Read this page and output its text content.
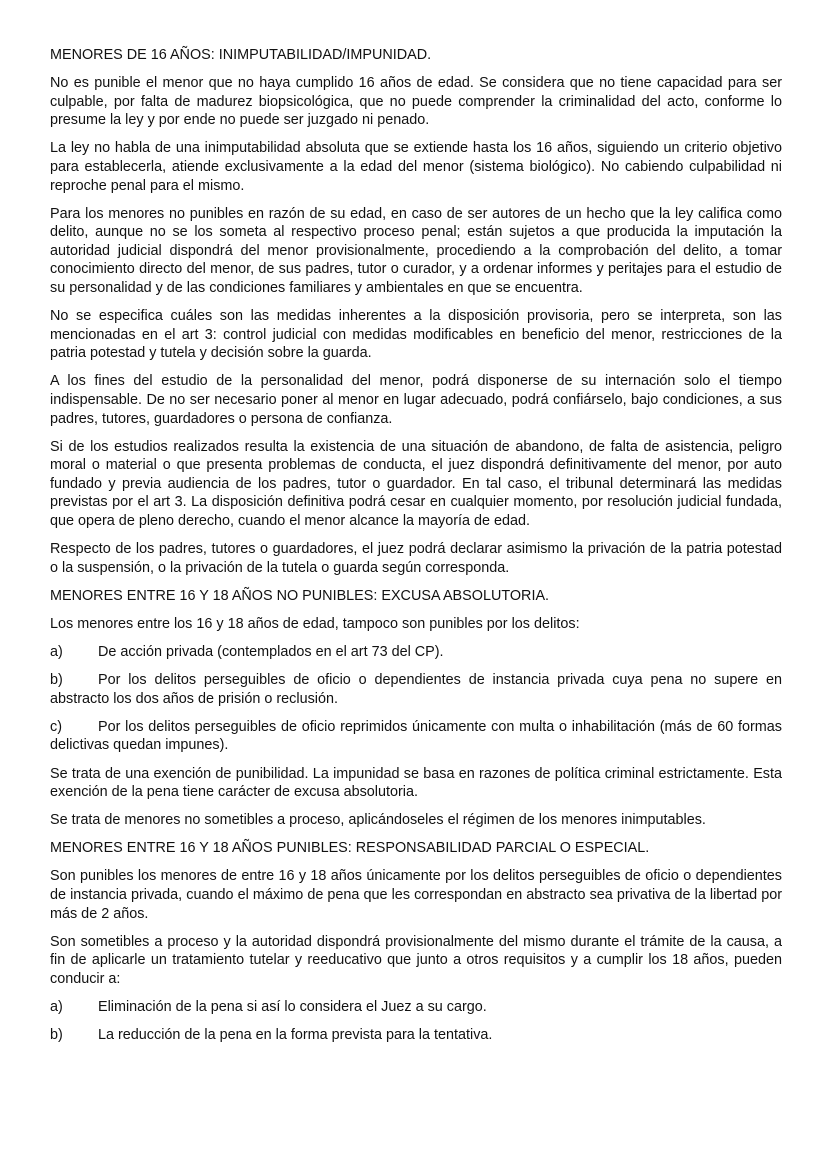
MENORES DE 16 AÑOS: INIMPUTABILIDAD/IMPUNIDAD.

No es punible el menor que no haya cumplido 16 años de edad. Se considera que no tiene capacidad para ser culpable, por falta de madurez biopsicológica, que no puede comprender la criminalidad del acto, conforme lo presume la ley y por ende no puede ser juzgado ni penado.

La ley no habla de una inimputabilidad absoluta que se extiende hasta los 16 años, siguiendo un criterio objetivo para establecerla, atiende exclusivamente a la edad del menor (sistema biológico). No cabiendo culpabilidad ni reproche penal para el mismo.

Para los menores no punibles en razón de su edad, en caso de ser autores de un hecho que la ley califica como delito, aunque no se los someta al respectivo proceso penal; están sujetos a que producida la imputación la autoridad judicial dispondrá del menor provisionalmente, procediendo a la comprobación del delito, a tomar conocimiento directo del menor, de sus padres, tutor o curador, y a ordenar informes y peritajes para el estudio de su personalidad y de las condiciones familiares y ambientales en que se encuentra.

No se especifica cuáles son las medidas inherentes a la disposición provisoria, pero se interpreta, son las mencionadas en el art 3: control judicial con medidas modificables en beneficio del menor, restricciones de la patria potestad y tutela y decisión sobre la guarda.

A los fines del estudio de la personalidad del menor, podrá disponerse de su internación solo el tiempo indispensable. De no ser necesario poner al menor en lugar adecuado, podrá confiárselo, bajo condiciones, a sus padres, tutores, guardadores o persona de confianza.

Si de los estudios realizados resulta la existencia de una situación de abandono, de falta de asistencia, peligro moral o material o que presenta problemas de conducta, el juez dispondrá definitivamente del menor, por auto fundado y previa audiencia de los padres, tutor o guardador. En tal caso, el tribunal determinará las medidas previstas por el art 3. La disposición definitiva podrá cesar en cualquier momento, por resolución judicial fundada, que opera de pleno derecho, cuando el menor alcance la mayoría de edad.

Respecto de los padres, tutores o guardadores, el juez podrá declarar asimismo la privación de la patria potestad o la suspensión, o la privación de la tutela o guarda según corresponda.

MENORES ENTRE 16 Y 18 AÑOS NO PUNIBLES: EXCUSA ABSOLUTORIA.

Los menores entre los 16 y 18 años de edad, tampoco son punibles por los delitos:

a) De acción privada (contemplados en el art 73 del CP).

b) Por los delitos perseguibles de oficio o dependientes de instancia privada cuya pena no supere en abstracto los dos años de prisión o reclusión.

c)	Por los delitos perseguibles de oficio reprimidos únicamente con multa o inhabilitación (más de 60 formas delictivas quedan impunes).

Se trata de una exención de punibilidad. La impunidad se basa en razones de política criminal estrictamente. Esta exención de la pena tiene carácter de excusa absolutoria.

Se trata de menores no sometibles a proceso, aplicándoseles el régimen de los menores inimputables.

MENORES ENTRE 16 Y 18 AÑOS PUNIBLES: RESPONSABILIDAD PARCIAL O ESPECIAL.

Son punibles los menores de entre 16 y 18 años únicamente por los delitos perseguibles de oficio o dependientes de instancia privada, cuando el máximo de pena que les correspondan en abstracto sea privativa de la libertad por más de 2 años.

Son sometibles a proceso y la autoridad dispondrá provisionalmente del mismo durante el trámite de la causa, a fin de aplicarle un tratamiento tutelar y reeducativo que junto a otros requisitos y a cumplir los 18 años, pueden conducir a:

a) Eliminación de la pena si así lo considera el Juez a su cargo.

b) La reducción de la pena en la forma prevista para la tentativa.
